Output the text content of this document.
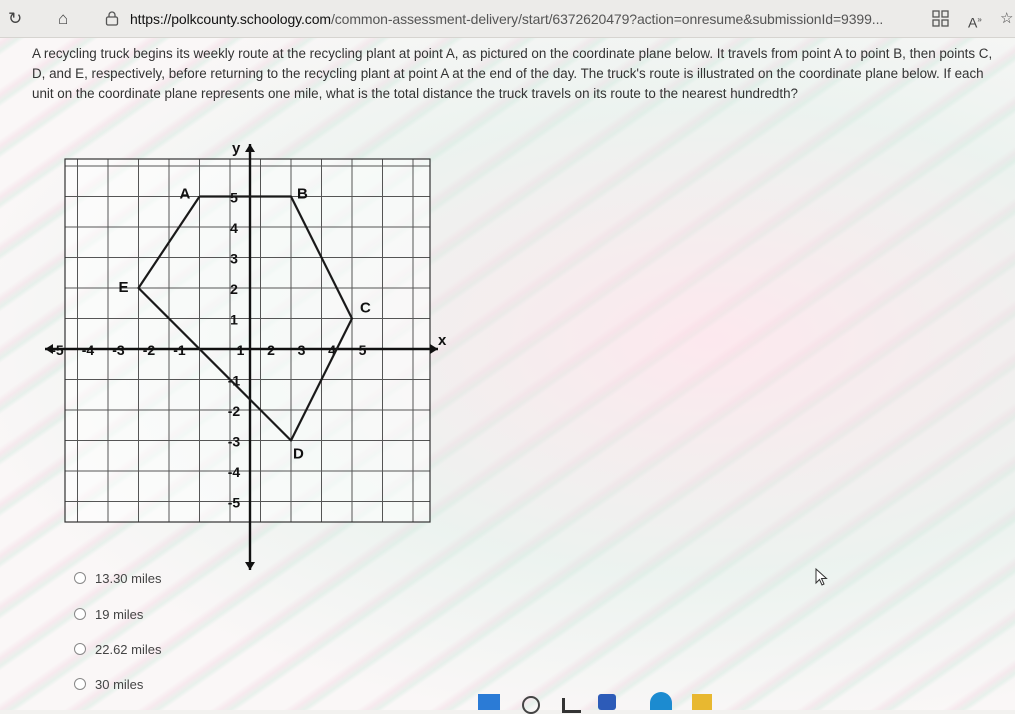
↻ ⌂	https://polkcounty.schoology.com/common-assessment-delivery/start/6372620479?action=onresume&submissionId=9399...	A» ☆
A recycling truck begins its weekly route at the recycling plant at point A, as pictured on the coordinate plane below. It travels from point A to point B, then points C, D, and E, respectively, before returning to the recycling plant at point A at the end of the day. The truck's route is illustrated on the coordinate plane below. If each unit on the coordinate plane represents one mile, what is the total distance the truck travels on its route to the nearest hundredth?
x
y
-5 -4 -3 -2 -1	1 2 3 4 5
5
4
3
2
1
-1
-2
-3
-4
-5
A	B
C
D
E
13.30 miles
19 miles
22.62 miles
30 miles
